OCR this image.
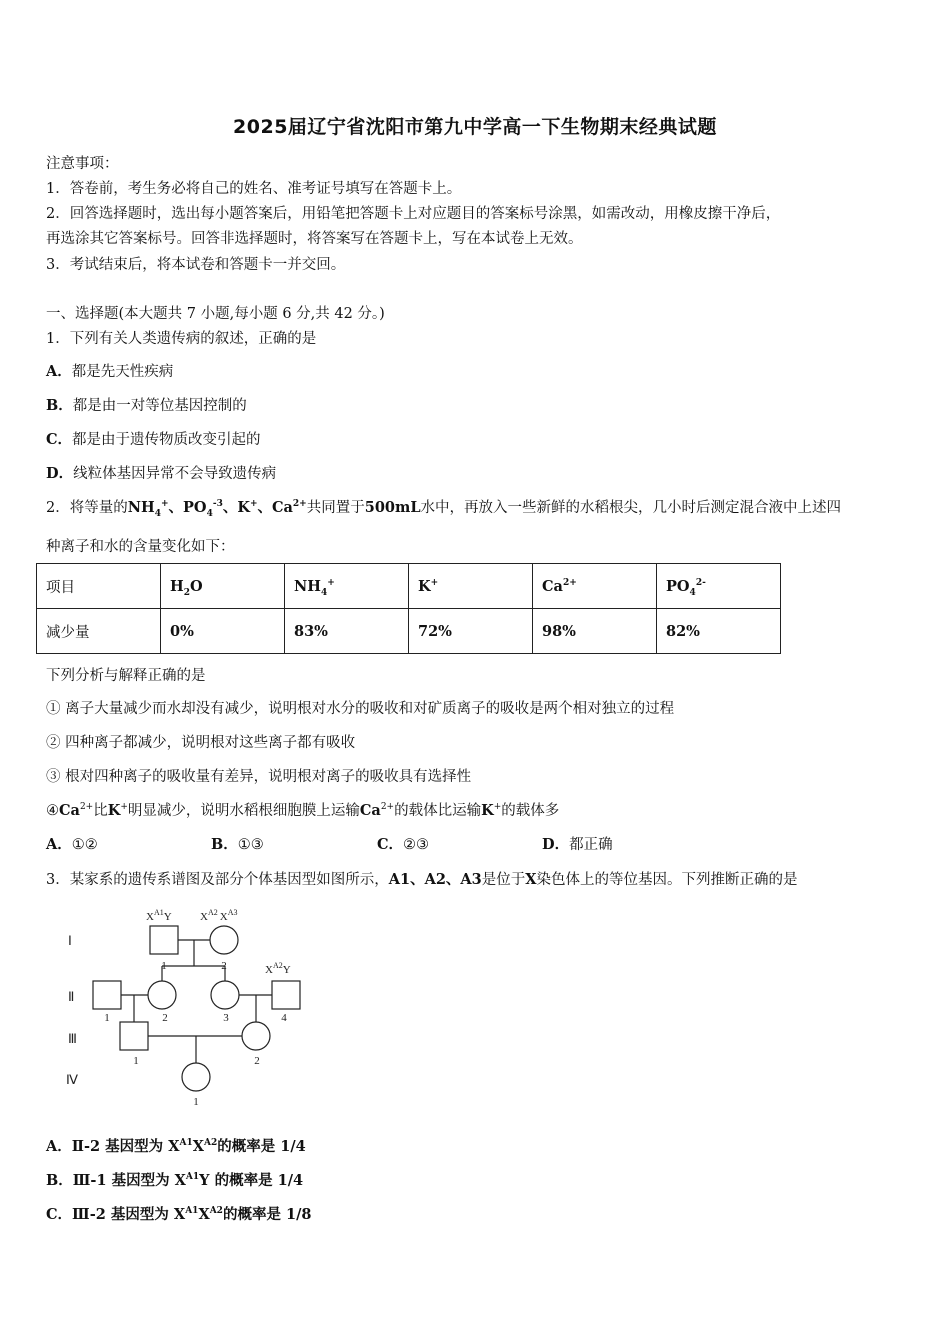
2025届辽宁省沈阳市第九中学高一下生物期末经典试题
注意事项：
1．答卷前，考生务必将自己的姓名、准考证号填写在答题卡上。
2．回答选择题时，选出每小题答案后，用铅笔把答题卡上对应题目的答案标号涂黑，如需改动，用橡皮擦干净后，
再选涂其它答案标号。回答非选择题时，将答案写在答题卡上，写在本试卷上无效。
3．考试结束后，将本试卷和答题卡一并交回。
一、选择题(本大题共 7 小题,每小题 6 分,共 42 分。)
1．下列有关人类遗传病的叙述，正确的是
A．都是先天性疾病
B．都是由一对等位基因控制的
C．都是由于遗传物质改变引起的
D．线粒体基因异常不会导致遗传病
2．将等量的$NH_4^+$、$PO_4^{-3}$、K+、$Ca^{2+}$共同置于500mL水中，再放入一些新鲜的水稻根尖，几小时后测定混合液中上述四
种离子和水的含量变化如下：
项目	$H_2O$	$NH_4^+$	K+	$Ca^{2+}$	$PO_4^{2-}$
减少量	0%	83%	72%	98%	82%
下列分析与解释正确的是
① 离子大量减少而水却没有减少，说明根对水分的吸收和对矿质离子的吸收是两个相对独立的过程
② 四种离子都减少，说明根对这些离子都有吸收
③ 根对四种离子的吸收量有差异，说明根对离子的吸收具有选择性
$④Ca^{2+}$比K+明显减少，说明水稻根细胞膜上运输$Ca^{2+}$的载体比运输K+的载体多
A．①②	B．①③	C．②③	D．都正确
3．某家系的遗传系谱图及部分个体基因型如图所示，A1、A2、A3是位于X染色体上的等位基因。下列推断正确的是
Ⅰ
Ⅱ
Ⅲ
Ⅳ
$X^{A1}Y$	$X^{A2}$ $X^{A3}$
$X^{A2}Y$
1	2
1	2	3	4
1	2
1
A．Ⅱ-2 基因型为 $X^{A1}X^{A2}$的概率是 1/4
B．Ⅲ-1 基因型为 $X^{A1}Y$ 的概率是 1/4
C．Ⅲ-2 基因型为 $X^{A1}X^{A2}$的概率是 1/8
